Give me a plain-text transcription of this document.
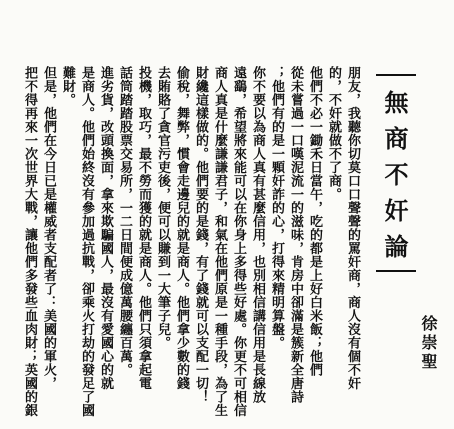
無商不奸論
徐崇聖
朋友，我聽你切莫口口聲聲的罵奸商，商人沒有個不奸
的，不奸就做不了商。
他們不必一鋤禾日當午，吃的都是上好白米飯；他們
從未嘗過一口嘆泥流一的滋味，肯房中卻滿是簇新全唐詩
；他們有的是一顆奸詐的心，打得來精明算盤。
你不要以為商人真有甚麼信用，也別相信講信用是長線放
遠鷂，希望將來能可以在你身上多得些好處。你更不可相信
商人真是什麼謙謙君子，和氣在他們原是一種手段，為了生
財纔這樣做的。他們要的是錢，有了錢就可以支配一切！
偷稅，舞弊，慣會走邊兒的就是商人。他們拿少數的錢
去賄賂了貪官污吏後，便可以賺到一大筆子兒。
投機，取巧，最不勞而獲的就是商人。他們只須拿起電
話筒踏踏股票交易所，一二日間便成億萬腰纏百萬。
進劣貨，改頭換面，拿來欺騙國人，最沒有愛國心的就
是商人。他們始終沒有參加過抗戰，卻乘火打劫的發足了國
難財。
但是，他們在今日已是權威者支配者了：美國的軍火，
把不得再來一次世界大戰，讓他們多發些血肉財；英國的銀
